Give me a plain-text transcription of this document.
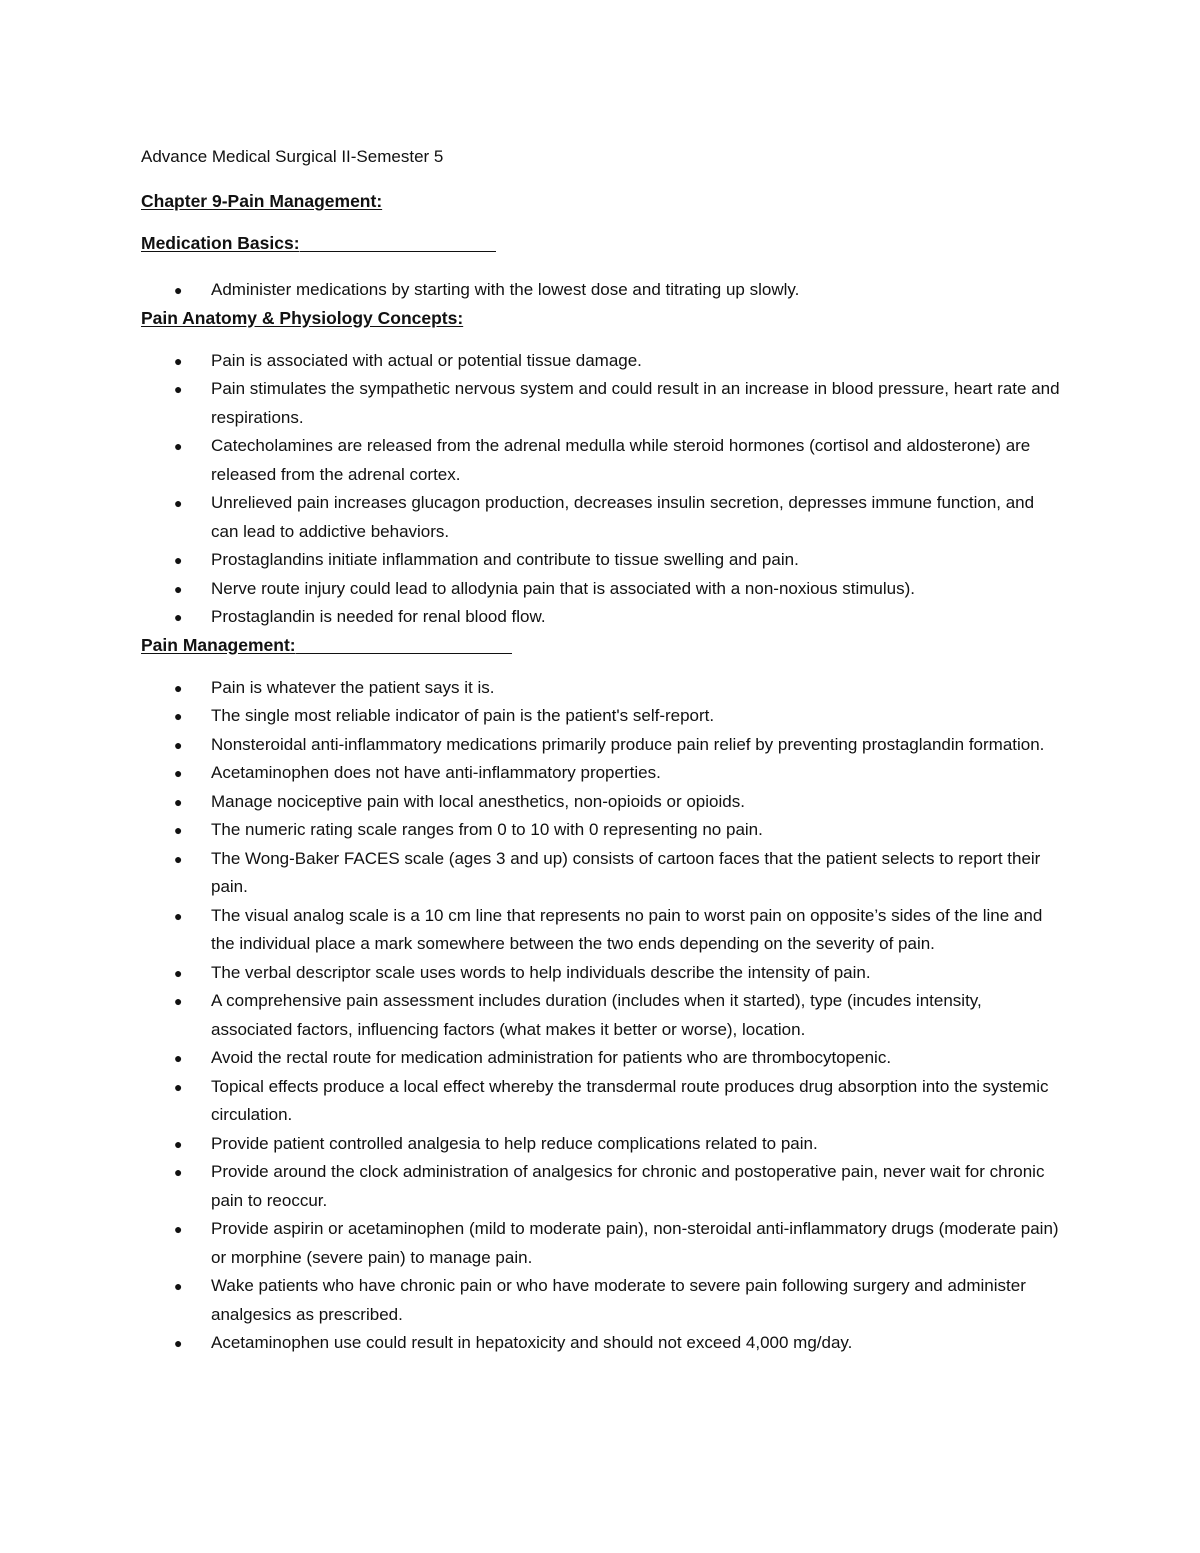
Advance Medical Surgical II-Semester 5

Chapter 9-Pain Management:

Medication Basics:

● Administer medications by starting with the lowest dose and titrating up slowly.

Pain Anatomy & Physiology Concepts:

● Pain is associated with actual or potential tissue damage.
● Pain stimulates the sympathetic nervous system and could result in an increase in blood pressure, heart rate and respirations.
● Catecholamines are released from the adrenal medulla while steroid hormones (cortisol and aldosterone) are released from the adrenal cortex.
● Unrelieved pain increases glucagon production, decreases insulin secretion, depresses immune function, and can lead to addictive behaviors.
● Prostaglandins initiate inflammation and contribute to tissue swelling and pain.
● Nerve route injury could lead to allodynia pain that is associated with a non-noxious stimulus).
● Prostaglandin is needed for renal blood flow.

Pain Management:

● Pain is whatever the patient says it is.
● The single most reliable indicator of pain is the patient's self-report.
● Nonsteroidal anti-inflammatory medications primarily produce pain relief by preventing prostaglandin formation.
● Acetaminophen does not have anti-inflammatory properties.
● Manage nociceptive pain with local anesthetics, non-opioids or opioids.
● The numeric rating scale ranges from 0 to 10 with 0 representing no pain.
● The Wong-Baker FACES scale (ages 3 and up) consists of cartoon faces that the patient selects to report their pain.
● The visual analog scale is a 10 cm line that represents no pain to worst pain on opposite’s sides of the line and the individual place a mark somewhere between the two ends depending on the severity of pain.
● The verbal descriptor scale uses words to help individuals describe the intensity of pain.
● A comprehensive pain assessment includes duration (includes when it started), type (incudes intensity, associated factors, influencing factors (what makes it better or worse), location.
● Avoid the rectal route for medication administration for patients who are thrombocytopenic.
● Topical effects produce a local effect whereby the transdermal route produces drug absorption into the systemic circulation.
● Provide patient controlled analgesia to help reduce complications related to pain.
● Provide around the clock administration of analgesics for chronic and postoperative pain, never wait for chronic pain to reoccur.
● Provide aspirin or acetaminophen (mild to moderate pain), non-steroidal anti-inflammatory drugs (moderate pain) or morphine (severe pain) to manage pain.
● Wake patients who have chronic pain or who have moderate to severe pain following surgery and administer analgesics as prescribed.
● Acetaminophen use could result in hepatoxicity and should not exceed 4,000 mg/day.
